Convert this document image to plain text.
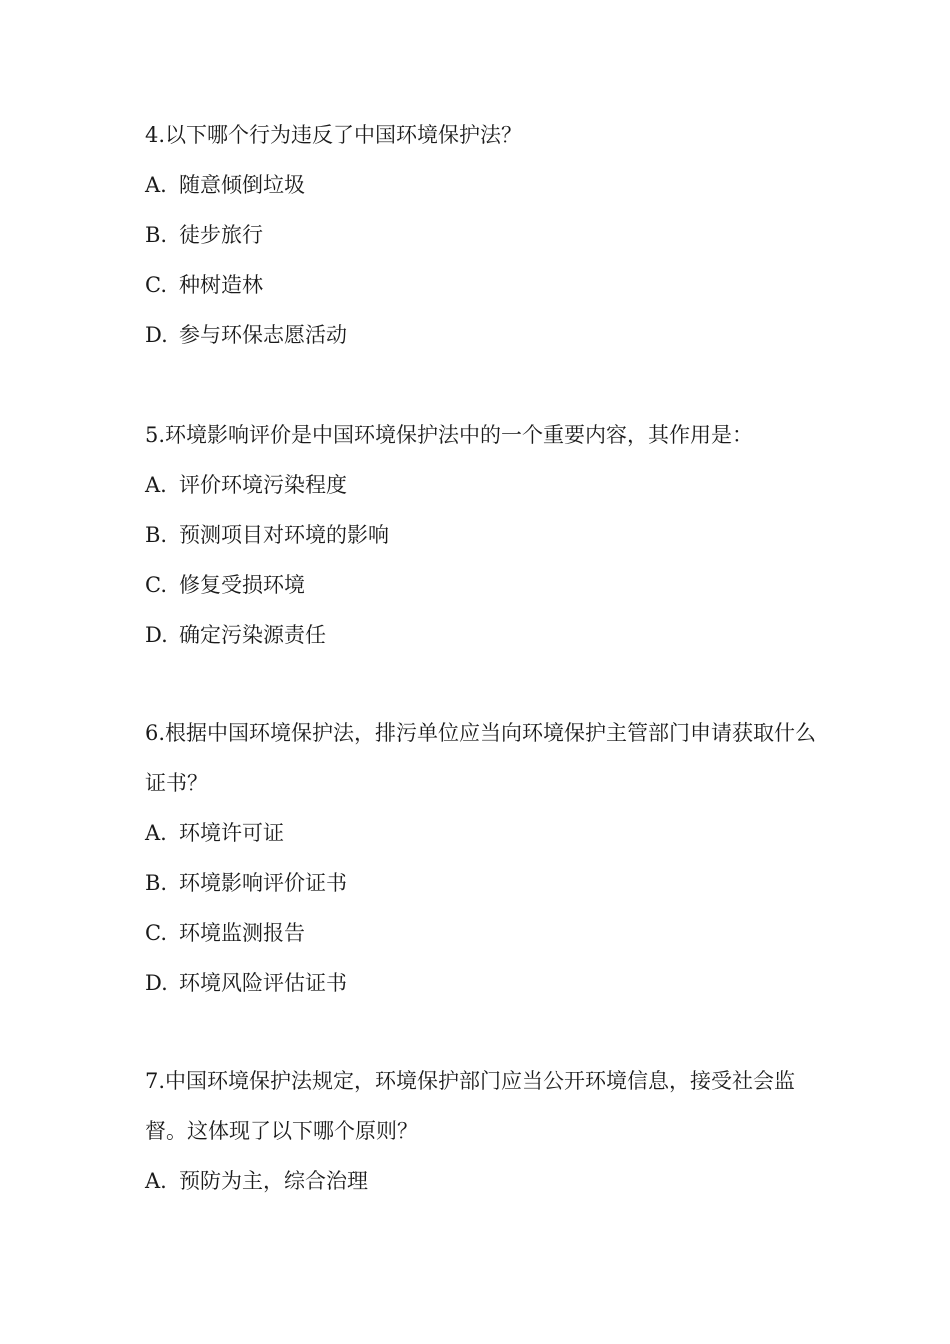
4.以下哪个行为违反了中国环境保护法？

A. 随意倾倒垃圾

B. 徒步旅行

C. 种树造林

D. 参与环保志愿活动

5.环境影响评价是中国环境保护法中的一个重要内容，其作用是：

A. 评价环境污染程度

B. 预测项目对环境的影响

C. 修复受损环境

D. 确定污染源责任

6.根据中国环境保护法，排污单位应当向环境保护主管部门申请获取什么证书？

A. 环境许可证

B. 环境影响评价证书

C. 环境监测报告

D. 环境风险评估证书

7.中国环境保护法规定，环境保护部门应当公开环境信息，接受社会监督。这体现了以下哪个原则？

A. 预防为主，综合治理
